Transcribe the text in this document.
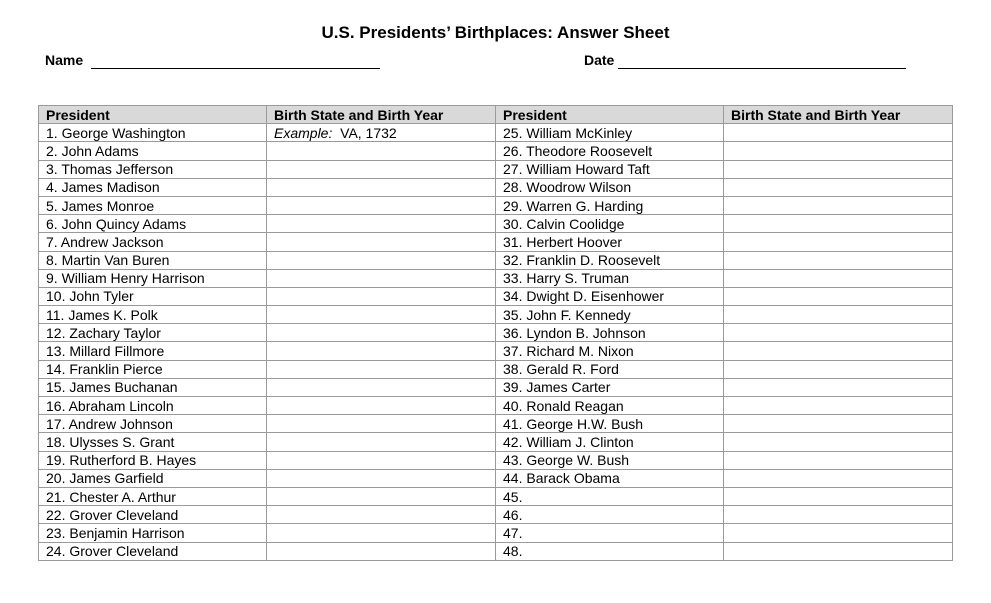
U.S. Presidents’ Birthplaces: Answer Sheet
Name	Date
President	Birth State and Birth Year	President	Birth State and Birth Year
1. George Washington	Example: VA, 1732	25. William McKinley	
2. John Adams		26. Theodore Roosevelt	
3. Thomas Jefferson		27. William Howard Taft	
4. James Madison		28. Woodrow Wilson	
5. James Monroe		29. Warren G. Harding	
6. John Quincy Adams		30. Calvin Coolidge	
7. Andrew Jackson		31. Herbert Hoover	
8. Martin Van Buren		32. Franklin D. Roosevelt	
9. William Henry Harrison		33. Harry S. Truman	
10. John Tyler		34. Dwight D. Eisenhower	
11. James K. Polk		35. John F. Kennedy	
12. Zachary Taylor		36. Lyndon B. Johnson	
13. Millard Fillmore		37. Richard M. Nixon	
14. Franklin Pierce		38. Gerald R. Ford	
15. James Buchanan		39. James Carter	
16. Abraham Lincoln		40. Ronald Reagan	
17. Andrew Johnson		41. George H.W. Bush	
18. Ulysses S. Grant		42. William J. Clinton	
19. Rutherford B. Hayes		43. George W. Bush	
20. James Garfield		44. Barack Obama	
21. Chester A. Arthur		45.	
22. Grover Cleveland		46.	
23. Benjamin Harrison		47.	
24. Grover Cleveland		48.	
